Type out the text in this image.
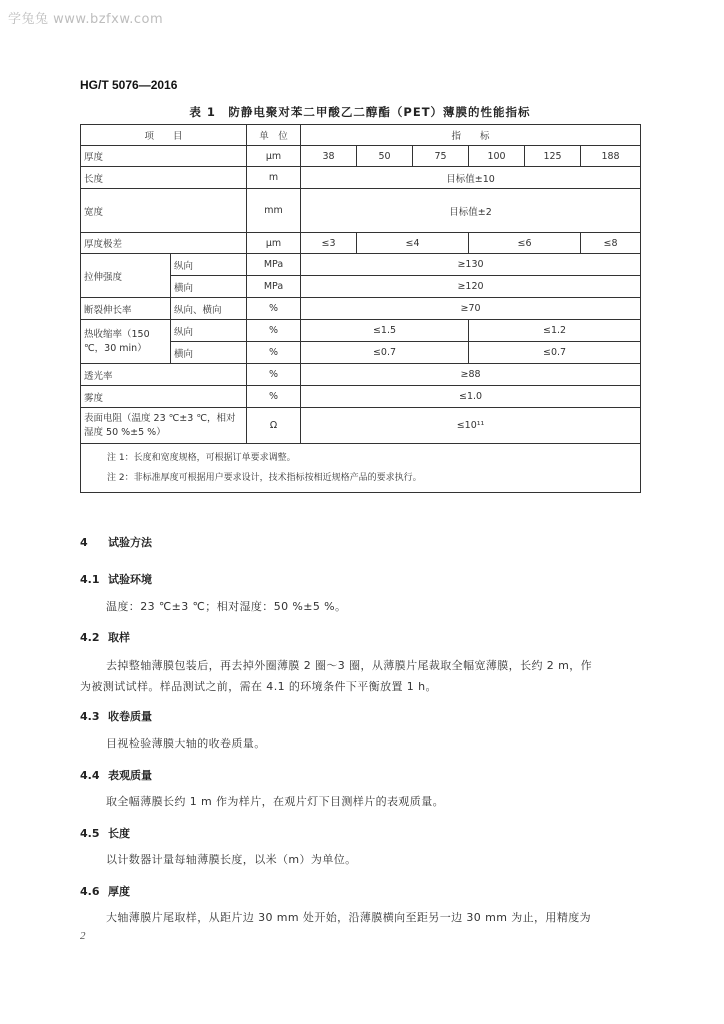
学兔兔 www.bzfxw.com
HG/T 5076—2016
表 1　防静电聚对苯二甲酸乙二醇酯（PET）薄膜的性能指标
项　　目		单　位	指　　标					
厚度		μm	38	50	75	100	125	188
长度		m	目标值±10					
宽度		mm	目标值±2					
厚度极差		μm	≤3	≤4		≤6		≤8
拉伸强度	纵向	MPa	≥130					
	横向	MPa	≥120					
断裂伸长率	纵向、横向	%	≥70					
热收缩率（150 ℃，30 min）	纵向	%	≤1.5			≤1.2		
	横向	%	≤0.7			≤0.7		
透光率		%	≥88					
雾度		%	≤1.0					
表面电阻（温度 23 ℃±3 ℃，相对湿度 50 %±5 %）		Ω	≤10¹¹					

注 1：长度和宽度规格，可根据订单要求调整。
注 2：非标准厚度可根据用户要求设计，技术指标按相近规格产品的要求执行。								
4 试验方法
4.1 试验环境
温度：23 ℃±3 ℃；相对湿度：50 %±5 %。
4.2 取样
去掉整轴薄膜包装后，再去掉外圈薄膜 2 圈～3 圈，从薄膜片尾裁取全幅宽薄膜，长约 2 m，作
为被测试试样。样品测试之前，需在 4.1 的环境条件下平衡放置 1 h。
4.3 收卷质量
目视检验薄膜大轴的收卷质量。
4.4 表观质量
取全幅薄膜长约 1 m 作为样片，在观片灯下目测样片的表观质量。
4.5 长度
以计数器计量每轴薄膜长度，以米（m）为单位。
4.6 厚度
大轴薄膜片尾取样，从距片边 30 mm 处开始，沿薄膜横向至距另一边 30 mm 为止，用精度为
2
